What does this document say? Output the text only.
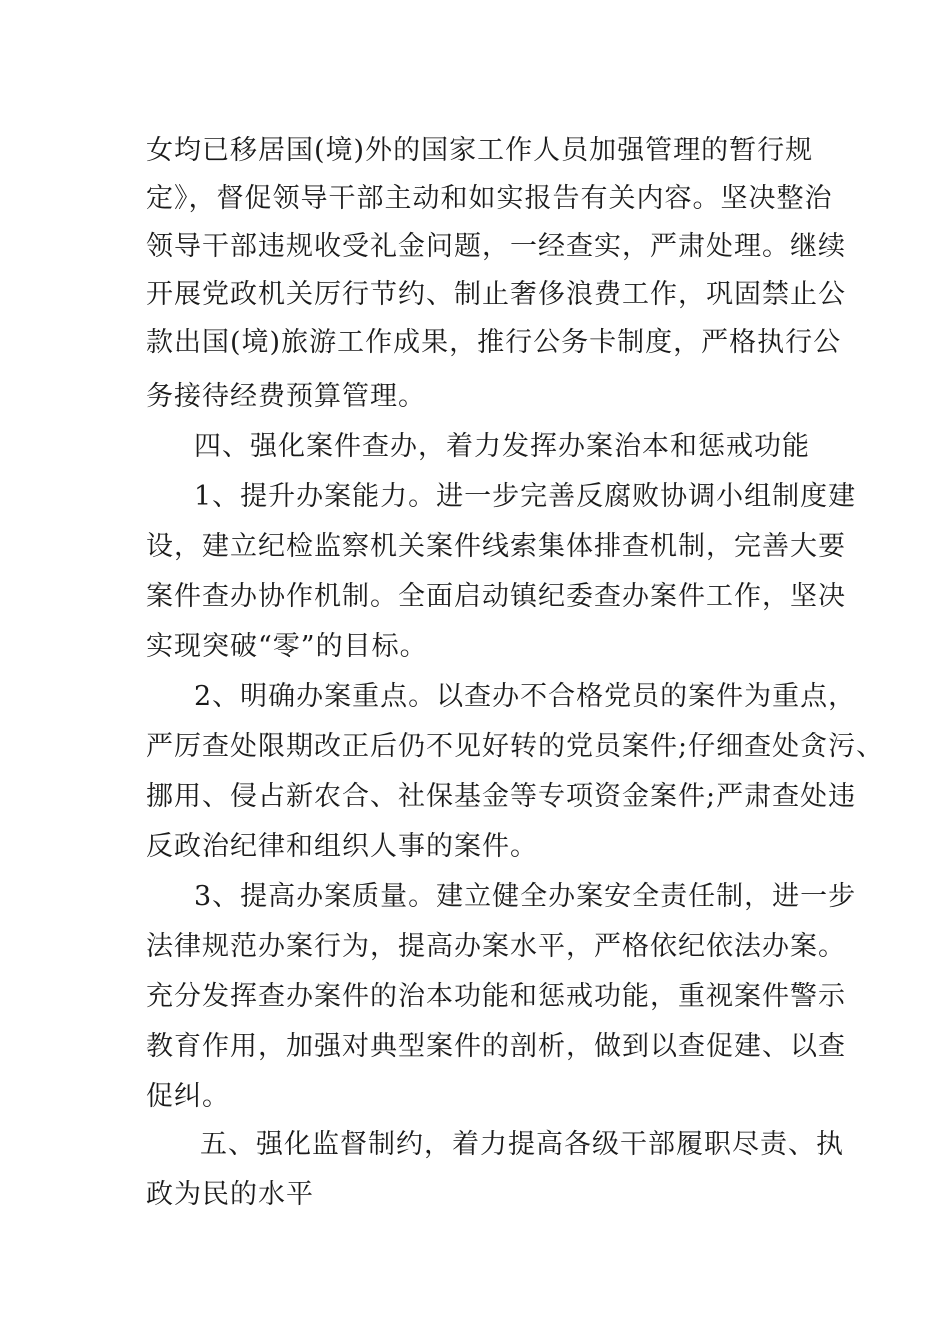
女均已移居国(境)外的国家工作人员加强管理的暂行规
定》，督促领导干部主动和如实报告有关内容。坚决整治
领导干部违规收受礼金问题，一经查实，严肃处理。继续
开展党政机关厉行节约、制止奢侈浪费工作，巩固禁止公
款出国(境)旅游工作成果，推行公务卡制度，严格执行公
务接待经费预算管理。
四、强化案件查办，着力发挥办案治本和惩戒功能
1、提升办案能力。进一步完善反腐败协调小组制度建
设，建立纪检监察机关案件线索集体排查机制，完善大要
案件查办协作机制。全面启动镇纪委查办案件工作，坚决
实现突破“零”的目标。
2、明确办案重点。以查办不合格党员的案件为重点，
严厉查处限期改正后仍不见好转的党员案件;仔细查处贪污、
挪用、侵占新农合、社保基金等专项资金案件;严肃查处违
反政治纪律和组织人事的案件。
3、提高办案质量。建立健全办案安全责任制，进一步
法律规范办案行为，提高办案水平，严格依纪依法办案。
充分发挥查办案件的治本功能和惩戒功能，重视案件警示
教育作用，加强对典型案件的剖析，做到以查促建、以查
促纠。
五、强化监督制约，着力提高各级干部履职尽责、执
政为民的水平
